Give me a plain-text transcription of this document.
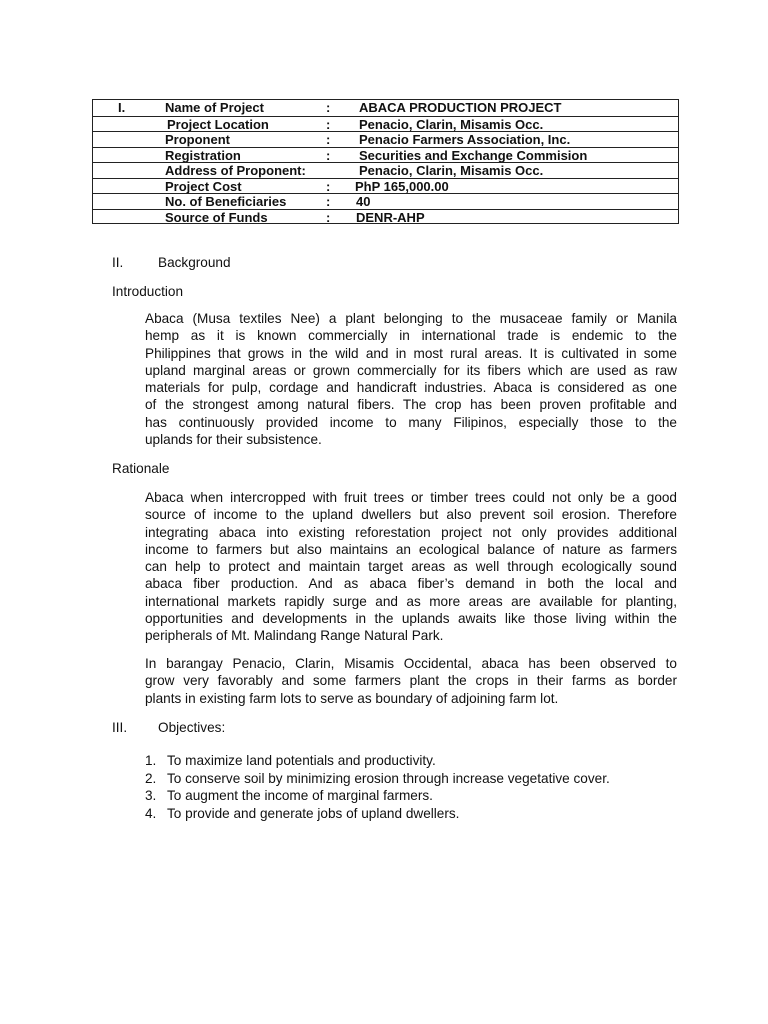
I.	Name of Project	: ABACA PRODUCTION PROJECT
Project Location	: Penacio, Clarin, Misamis Occ.
Proponent	: Penacio Farmers Association, Inc.
Registration	: Securities and Exchange Commision
Address of Proponent:	Penacio, Clarin, Misamis Occ.
Project Cost	: PhP 165,000.00
No. of Beneficiaries	: 40
Source of Funds	: DENR-AHP
II.	Background
Introduction
Abaca (Musa textiles Nee) a plant belonging to the musaceae family or Manila
hemp as it is known commercially in international trade is endemic to the
Philippines that grows in the wild and in most rural areas. It is cultivated in some
upland marginal areas or grown commercially for its fibers which are used as raw
materials for pulp, cordage and handicraft industries. Abaca is considered as one
of the strongest among natural fibers. The crop has been proven profitable and
has continuously provided income to many Filipinos, especially those to the
uplands for their subsistence.
Rationale
Abaca when intercropped with fruit trees or timber trees could not only be a good
source of income to the upland dwellers but also prevent soil erosion. Therefore
integrating abaca into existing reforestation project not only provides additional
income to farmers but also maintains an ecological balance of nature as farmers
can help to protect and maintain target areas as well through ecologically sound
abaca fiber production. And as abaca fiber’s demand in both the local and
international markets rapidly surge and as more areas are available for planting,
opportunities and developments in the uplands awaits like those living within the
peripherals of Mt. Malindang Range Natural Park.
In barangay Penacio, Clarin, Misamis Occidental, abaca has been observed to
grow very favorably and some farmers plant the crops in their farms as border
plants in existing farm lots to serve as boundary of adjoining farm lot.
III. Objectives:
1. To maximize land potentials and productivity.
2. To conserve soil by minimizing erosion through increase vegetative cover.
3. To augment the income of marginal farmers.
4. To provide and generate jobs of upland dwellers.
